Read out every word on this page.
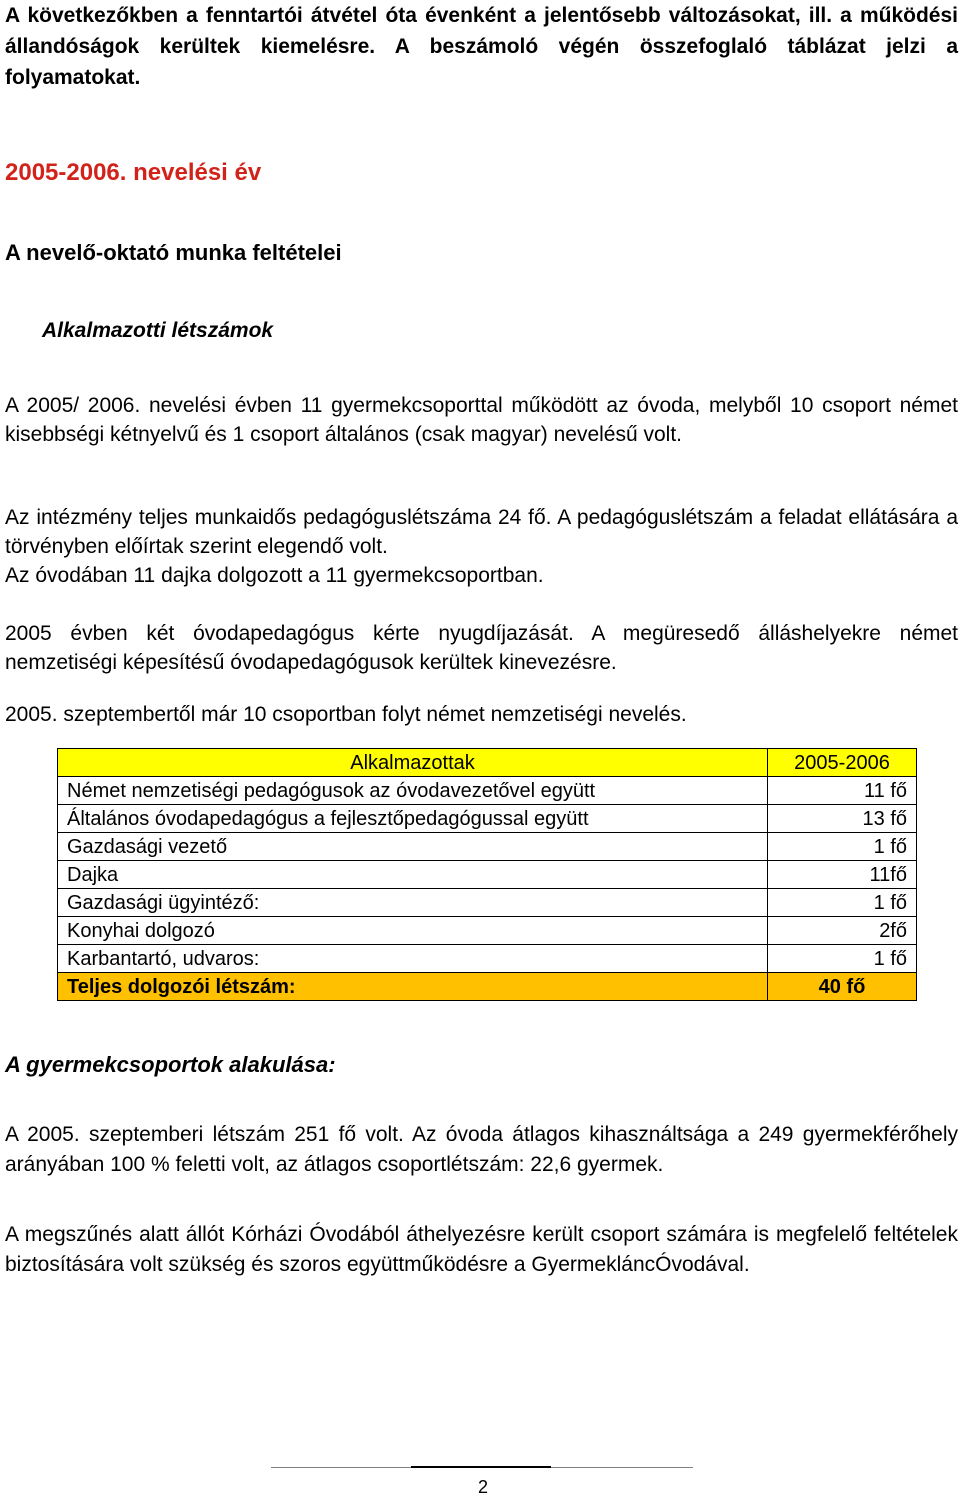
A következőkben a fenntartói átvétel óta évenként a jelentősebb változásokat, ill. a működési állandóságok kerültek kiemelésre. A beszámoló végén összefoglaló táblázat jelzi a folyamatokat.

2005-2006. nevelési év
A nevelő-oktató munka feltételei
Alkalmazotti létszámok

A 2005/ 2006. nevelési évben 11 gyermekcsoporttal működött az óvoda, melyből 10 csoport német kisebbségi kétnyelvű és 1 csoport általános (csak magyar) nevelésű volt.

Az intézmény teljes munkaidős pedagóguslétszáma 24 fő. A pedagóguslétszám a feladat ellátására a törvényben előírtak szerint elegendő volt.

Az óvodában 11 dajka dolgozott a 11 gyermekcsoportban.

2005 évben két óvodapedagógus kérte nyugdíjazását. A megüresedő álláshelyekre német nemzetiségi képesítésű óvodapedagógusok kerültek kinevezésre.

2005. szeptembertől már 10 csoportban folyt német nemzetiségi nevelés.

Alkalmazottak	2005-2006
Német nemzetiségi pedagógusok az óvodavezetővel együtt	11 fő
Általános óvodapedagógus a fejlesztőpedagógussal együtt	13 fő
Gazdasági vezető	1 fő
Dajka	11fő
Gazdasági ügyintéző:	1 fő
Konyhai dolgozó	2fő
Karbantartó, udvaros:	1 fő
Teljes dolgozói létszám:	40 fő
A gyermekcsoportok alakulása:

A 2005. szeptemberi létszám 251 fő volt. Az óvoda átlagos kihasználtsága a 249 gyermekférőhely arányában 100 % feletti volt, az átlagos csoportlétszám: 22,6 gyermek.

A megszűnés alatt állót Kórházi Óvodából áthelyezésre került csoport számára is megfelelő feltételek biztosítására volt szükség és szoros együttműködésre a GyermekláncÓvodával.

2
